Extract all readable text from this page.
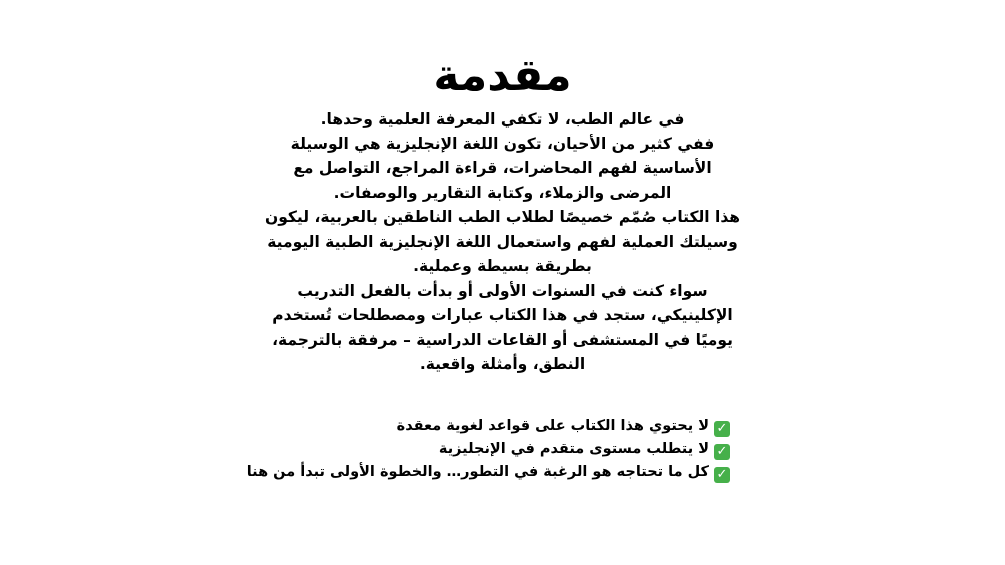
مقدمة

في عالم الطب، لا تكفي المعرفة العلمية وحدها.

ففي كثير من الأحيان، تكون اللغة الإنجليزية هي الوسيلة الأساسية لفهم المحاضرات، قراءة المراجع، التواصل مع المرضى والزملاء، وكتابة التقارير والوصفات.

هذا الكتاب صُمّم خصيصًا لطلاب الطب الناطقين بالعربية، ليكون وسيلتك العملية لفهم واستعمال اللغة الإنجليزية الطبية اليومية بطريقة بسيطة وعملية.

سواء كنت في السنوات الأولى أو بدأت بالفعل التدريب الإكلينيكي، ستجد في هذا الكتاب عبارات ومصطلحات تُستخدم يوميًا في المستشفى أو القاعات الدراسية – مرفقة بالترجمة، النطق، وأمثلة واقعية.

✓لا يحتوي هذا الكتاب على قواعد لغوية معقدة
✓لا يتطلب مستوى متقدم في الإنجليزية
✓كل ما تحتاجه هو الرغبة في التطور… والخطوة الأولى تبدأ من هنا
